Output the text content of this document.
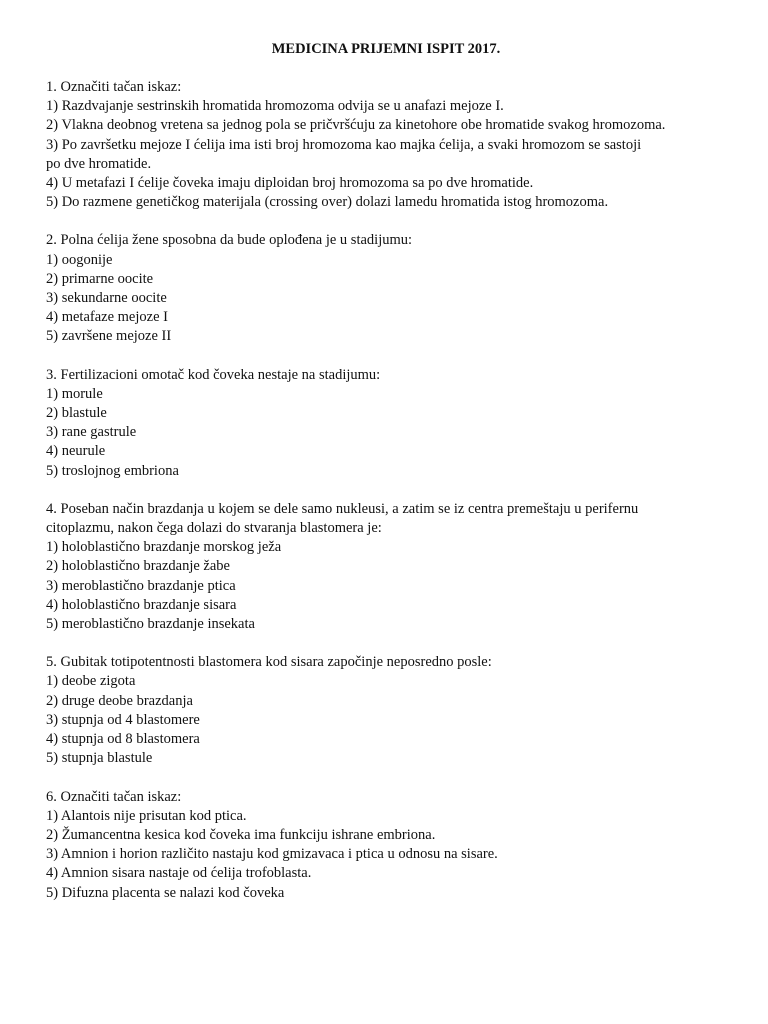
MEDICINA PRIJEMNI ISPIT 2017.
1. Označiti tačan iskaz:
1) Razdvajanje sestrinskih hromatida hromozoma odvija se u anafazi mejoze I.
2) Vlakna deobnog vretena sa jednog pola se pričvršćuju za kinetohore obe hromatide svakog hromozoma.
3) Po završetku mejoze I ćelija ima isti broj hromozoma kao majka ćelija, a svaki hromozom se sastoji
po dve hromatide.
4) U metafazi I ćelije čoveka imaju diploidan broj hromozoma sa po dve hromatide.
5) Do razmene genetičkog materijala (crossing over) dolazi lamedu hromatida istog hromozoma.
2. Polna ćelija žene sposobna da bude oplođena je u stadijumu:
1) oogonije
2) primarne oocite
3) sekundarne oocite
4) metafaze mejoze I
5) završene mejoze II
3. Fertilizacioni omotač kod čoveka nestaje na stadijumu:
1) morule
2) blastule
3) rane gastrule
4) neurule
5) troslojnog embriona
4. Poseban način brazdanja u kojem se dele samo nukleusi, a zatim se iz centra premeštaju u perifernu
citoplazmu, nakon čega dolazi do stvaranja blastomera je:
1) holoblastično brazdanje morskog ježa
2) holoblastično brazdanje žabe
3) meroblastično brazdanje ptica
4) holoblastično brazdanje sisara
5) meroblastično brazdanje insekata
5. Gubitak totipotentnosti blastomera kod sisara započinje neposredno posle:
1) deobe zigota
2) druge deobe brazdanja
3) stupnja od 4 blastomere
4) stupnja od 8 blastomera
5) stupnja blastule
6. Označiti tačan iskaz:
1) Alantois nije prisutan kod ptica.
2) Žumancentna kesica kod čoveka ima funkciju ishrane embriona.
3) Amnion i horion različito nastaju kod gmizavaca i ptica u odnosu na sisare.
4) Amnion sisara nastaje od ćelija trofoblasta.
5) Difuzna placenta se nalazi kod čoveka
